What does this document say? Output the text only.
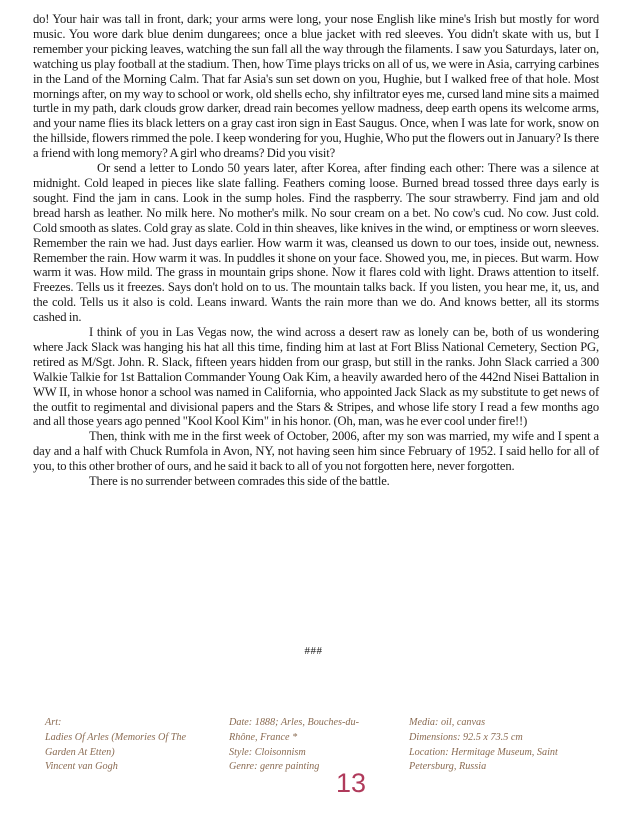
do! Your hair was tall in front, dark; your arms were long, your nose English like mine's Irish but mostly for word music. You wore dark blue denim dungarees; once a blue jacket with red sleeves. You didn't skate with us, but I remember your picking leaves, watching the sun fall all the way through the filaments. I saw you Saturdays, later on, watching us play football at the stadium. Then, how Time plays tricks on all of us, we were in Asia, carrying carbines in the Land of the Morning Calm. That far Asia's sun set down on you, Hughie, but I walked free of that hole. Most mornings after, on my way to school or work, old shells echo, shy infiltrator eyes me, cursed land mine sits a maimed turtle in my path, dark clouds grow darker, dread rain becomes yellow madness, deep earth opens its welcome arms, and your name flies its black letters on a gray cast iron sign in East Saugus. Once, when I was late for work, snow on the hillside, flowers rimmed the pole. I keep wondering for you, Hughie, Who put the flowers out in January? Is there a friend with long memory? A girl who dreams? Did you visit?

Or send a letter to Londo 50 years later, after Korea, after finding each other: There was a silence at midnight. Cold leaped in pieces like slate falling. Feathers coming loose. Burned bread tossed three days early is sought. Find the jam in cans. Look in the sump holes. Find the raspberry. The sour strawberry. Find jam and old bread harsh as leather. No milk here. No mother's milk. No sour cream on a bet. No cow's cud. No cow. Just cold. Cold smooth as slates. Cold gray as slate. Cold in thin sheaves, like knives in the wind, or emptiness or worn sleeves. Remember the rain we had. Just days earlier. How warm it was, cleansed us down to our toes, inside out, newness. Remember the rain. How warm it was. In puddles it shone on your face. Showed you, me, in pieces. But warm. How warm it was. How mild. The grass in mountain grips shone. Now it flares cold with light. Draws attention to itself. Freezes. Tells us it freezes. Says don't hold on to us. The mountain talks back. If you listen, you hear me, it, us, and the cold. Tells us it also is cold. Leans inward. Wants the rain more than we do. And knows better, all its storms cashed in.

I think of you in Las Vegas now, the wind across a desert raw as lonely can be, both of us wondering where Jack Slack was hanging his hat all this time, finding him at last at Fort Bliss National Cemetery, Section PG, retired as M/Sgt. John. R. Slack, fifteen years hidden from our grasp, but still in the ranks. John Slack carried a 300 Walkie Talkie for 1st Battalion Commander Young Oak Kim, a heavily awarded hero of the 442nd Nisei Battalion in WW II, in whose honor a school was named in California, who appointed Jack Slack as my substitute to get news of the outfit to regimental and divisional papers and the Stars & Stripes, and whose life story I read a few months ago and all those years ago penned "Kool Kool Kim" in his honor. (Oh, man, was he ever cool under fire!!)

Then, think with me in the first week of October, 2006, after my son was married, my wife and I spent a day and a half with Chuck Rumfola in Avon, NY, not having seen him since February of 1952. I said hello for all of you, to this other brother of ours, and he said it back to all of you not forgotten here, never forgotten.

There is no surrender between comrades this side of the battle.

###
Art:
Ladies Of Arles (Memories Of The
Garden At Etten)
Vincent van Gogh
Date: 1888; Arles, Bouches-du-
Rhône, France *
Style: Cloisonnism
Genre: genre painting
Media: oil, canvas
Dimensions: 92.5 x 73.5 cm
Location: Hermitage Museum, Saint
Petersburg, Russia
13
